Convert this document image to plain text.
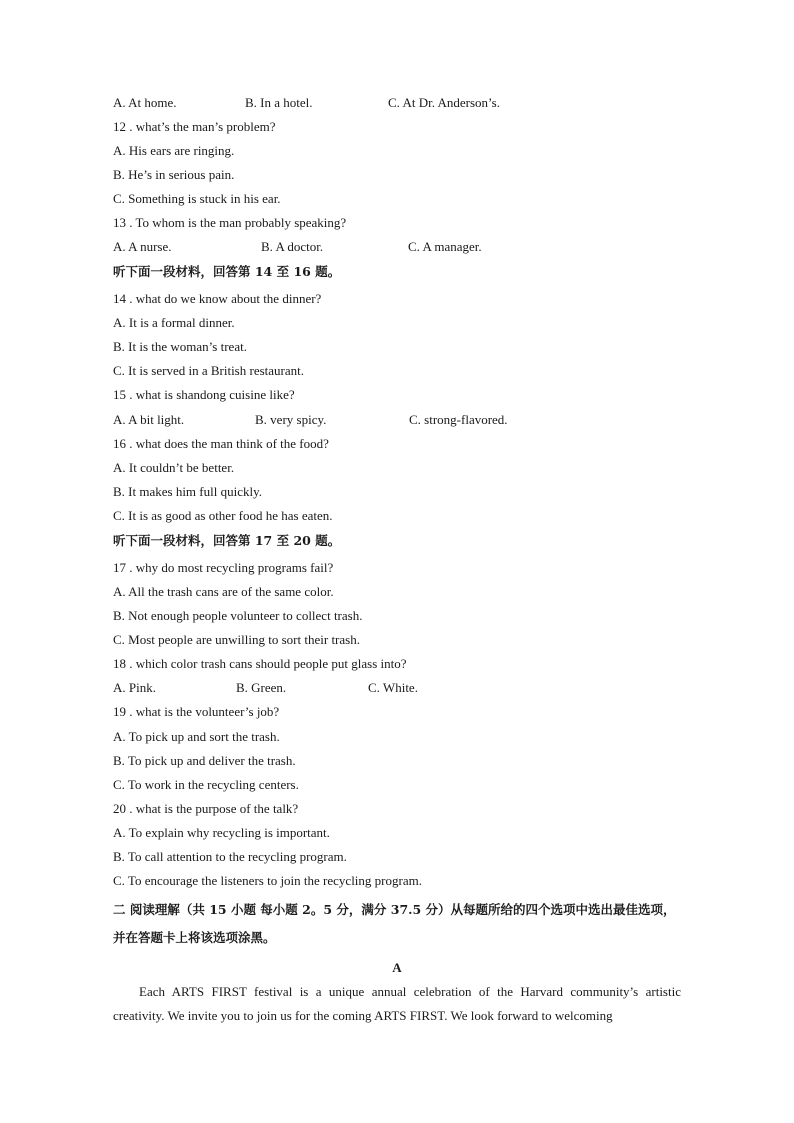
A. At home.	B. In a hotel.	C. At Dr. Anderson’s.
12 . what’s the man’s problem?
A. His ears are ringing.
B. He’s in serious pain.
C. Something is stuck in his ear.
13 . To whom is the man probably speaking?
A. A nurse.	B. A doctor.	C. A manager.
听下面一段材料，回答第 14 至 16 题。
14 . what do we know about the dinner?
A. It is a formal dinner.
B. It is the woman’s treat.
C. It is served in a British restaurant.
15 . what is shandong cuisine like?
A. A bit light.	B. very spicy.	C. strong-flavored.
16 . what does the man think of the food?
A. It couldn’t be better.
B. It makes him full quickly.
C. It is as good as other food he has eaten.
听下面一段材料，回答第 17 至 20 题。
17 . why do most recycling programs fail?
A. All the trash cans are of the same color.
B. Not enough people volunteer to collect trash.
C. Most people are unwilling to sort their trash.
18 . which color trash cans should people put glass into?
A. Pink.	B. Green.	C. White.
19 . what is the volunteer’s job?
A. To pick up and sort the trash.
B. To pick up and deliver the trash.
C. To work in the recycling centers.
20 . what is the purpose of the talk?
A. To explain why recycling is important.
B. To call attention to the recycling program.
C. To encourage the listeners to join the recycling program.
二 阅读理解（共 15 小题 每小题 2。5 分，满分 37.5 分）从每题所给的四个选项中选出最佳选项，并在答题卡上将该选项涂黑。
A
Each ARTS FIRST festival is a unique annual celebration of the Harvard community’s artistic creativity. We invite you to join us for the coming ARTS FIRST. We look forward to welcoming
